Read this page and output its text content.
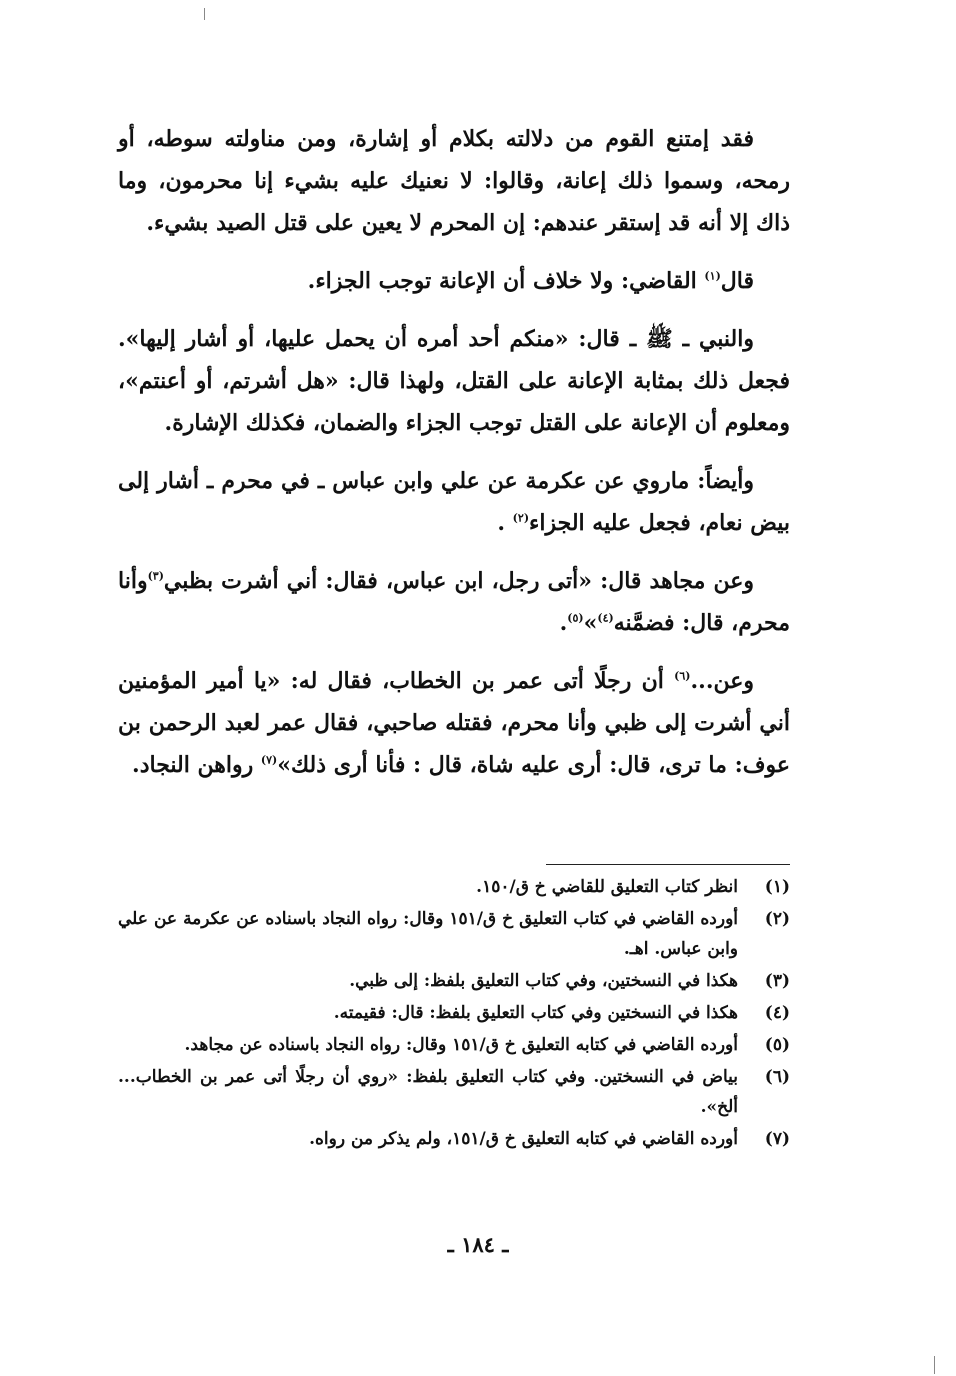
فقد إمتنع القوم من دلالته بكلام أو إشارة، ومن مناولته سوطه، أو رمحه، وسموا ذلك إعانة، وقالوا: لا نعنيك عليه بشيء إنا محرمون، وما ذاك إلا أنه قد إستقر عندهم: إن المحرم لا يعين على قتل الصيد بشيء.

قال$^{(١)}$ القاضي: ولا خلاف أن الإعانة توجب الجزاء.

والنبي ـ ﷺ ـ قال: «منكم أحد أمره أن يحمل عليها، أو أشار إليها». فجعل ذلك بمثابة الإعانة على القتل، ولهذا قال: «هل أشرتم، أو أعنتم»، ومعلوم أن الإعانة على القتل توجب الجزاء والضمان، فكذلك الإشارة.

وأيضاً: ماروي عن عكرمة عن علي وابن عباس ـ في محرم ـ أشار إلى بيض نعام، فجعل عليه الجزاء$^{(٢)}$ .

وعن مجاهد قال: «أتى رجل، ابن عباس، فقال: أني أشرت بظبي$^{(٣)}$وأنا محرم، قال: فضمَّنه$^{(٤)}$»$^{(٥)}$.

وعن...$^{(٦)}$ أن رجلًا أتى عمر بن الخطاب، فقال له: «يا أمير المؤمنين أني أشرت إلى ظبي وأنا محرم، فقتله صاحبي، فقال عمر لعبد الرحمن بن عوف: ما ترى، قال: أرى عليه شاة، قال : فأنا أرى ذلك»$^{(٧)}$ رواهن النجاد.

(١)
انظر كتاب التعليق للقاضي خ ق/١٥٠.
(٢)
أورده القاضي في كتاب التعليق خ ق/١٥١ وقال: رواه النجاد باسناده عن عكرمة عن علي وابن عباس. اهـ.
(٣)
هكذا في النسختين، وفي كتاب التعليق بلفظ: إلى ظبي.
(٤)
هكذا في النسختين وفي كتاب التعليق بلفظ: قال: فقيمته.
(٥)
أورده القاضي في كتابه التعليق خ ق/١٥١ وقال: رواه النجاد باسناده عن مجاهد.
(٦)
بياض في النسختين. وفي كتاب التعليق بلفظ: «روي أن رجلًا أتى عمر بن الخطاب... ألخ».
(٧)
أورده القاضي في كتابه التعليق خ ق/١٥١، ولم يذكر من رواه.
ـ ١٨٤ ـ
